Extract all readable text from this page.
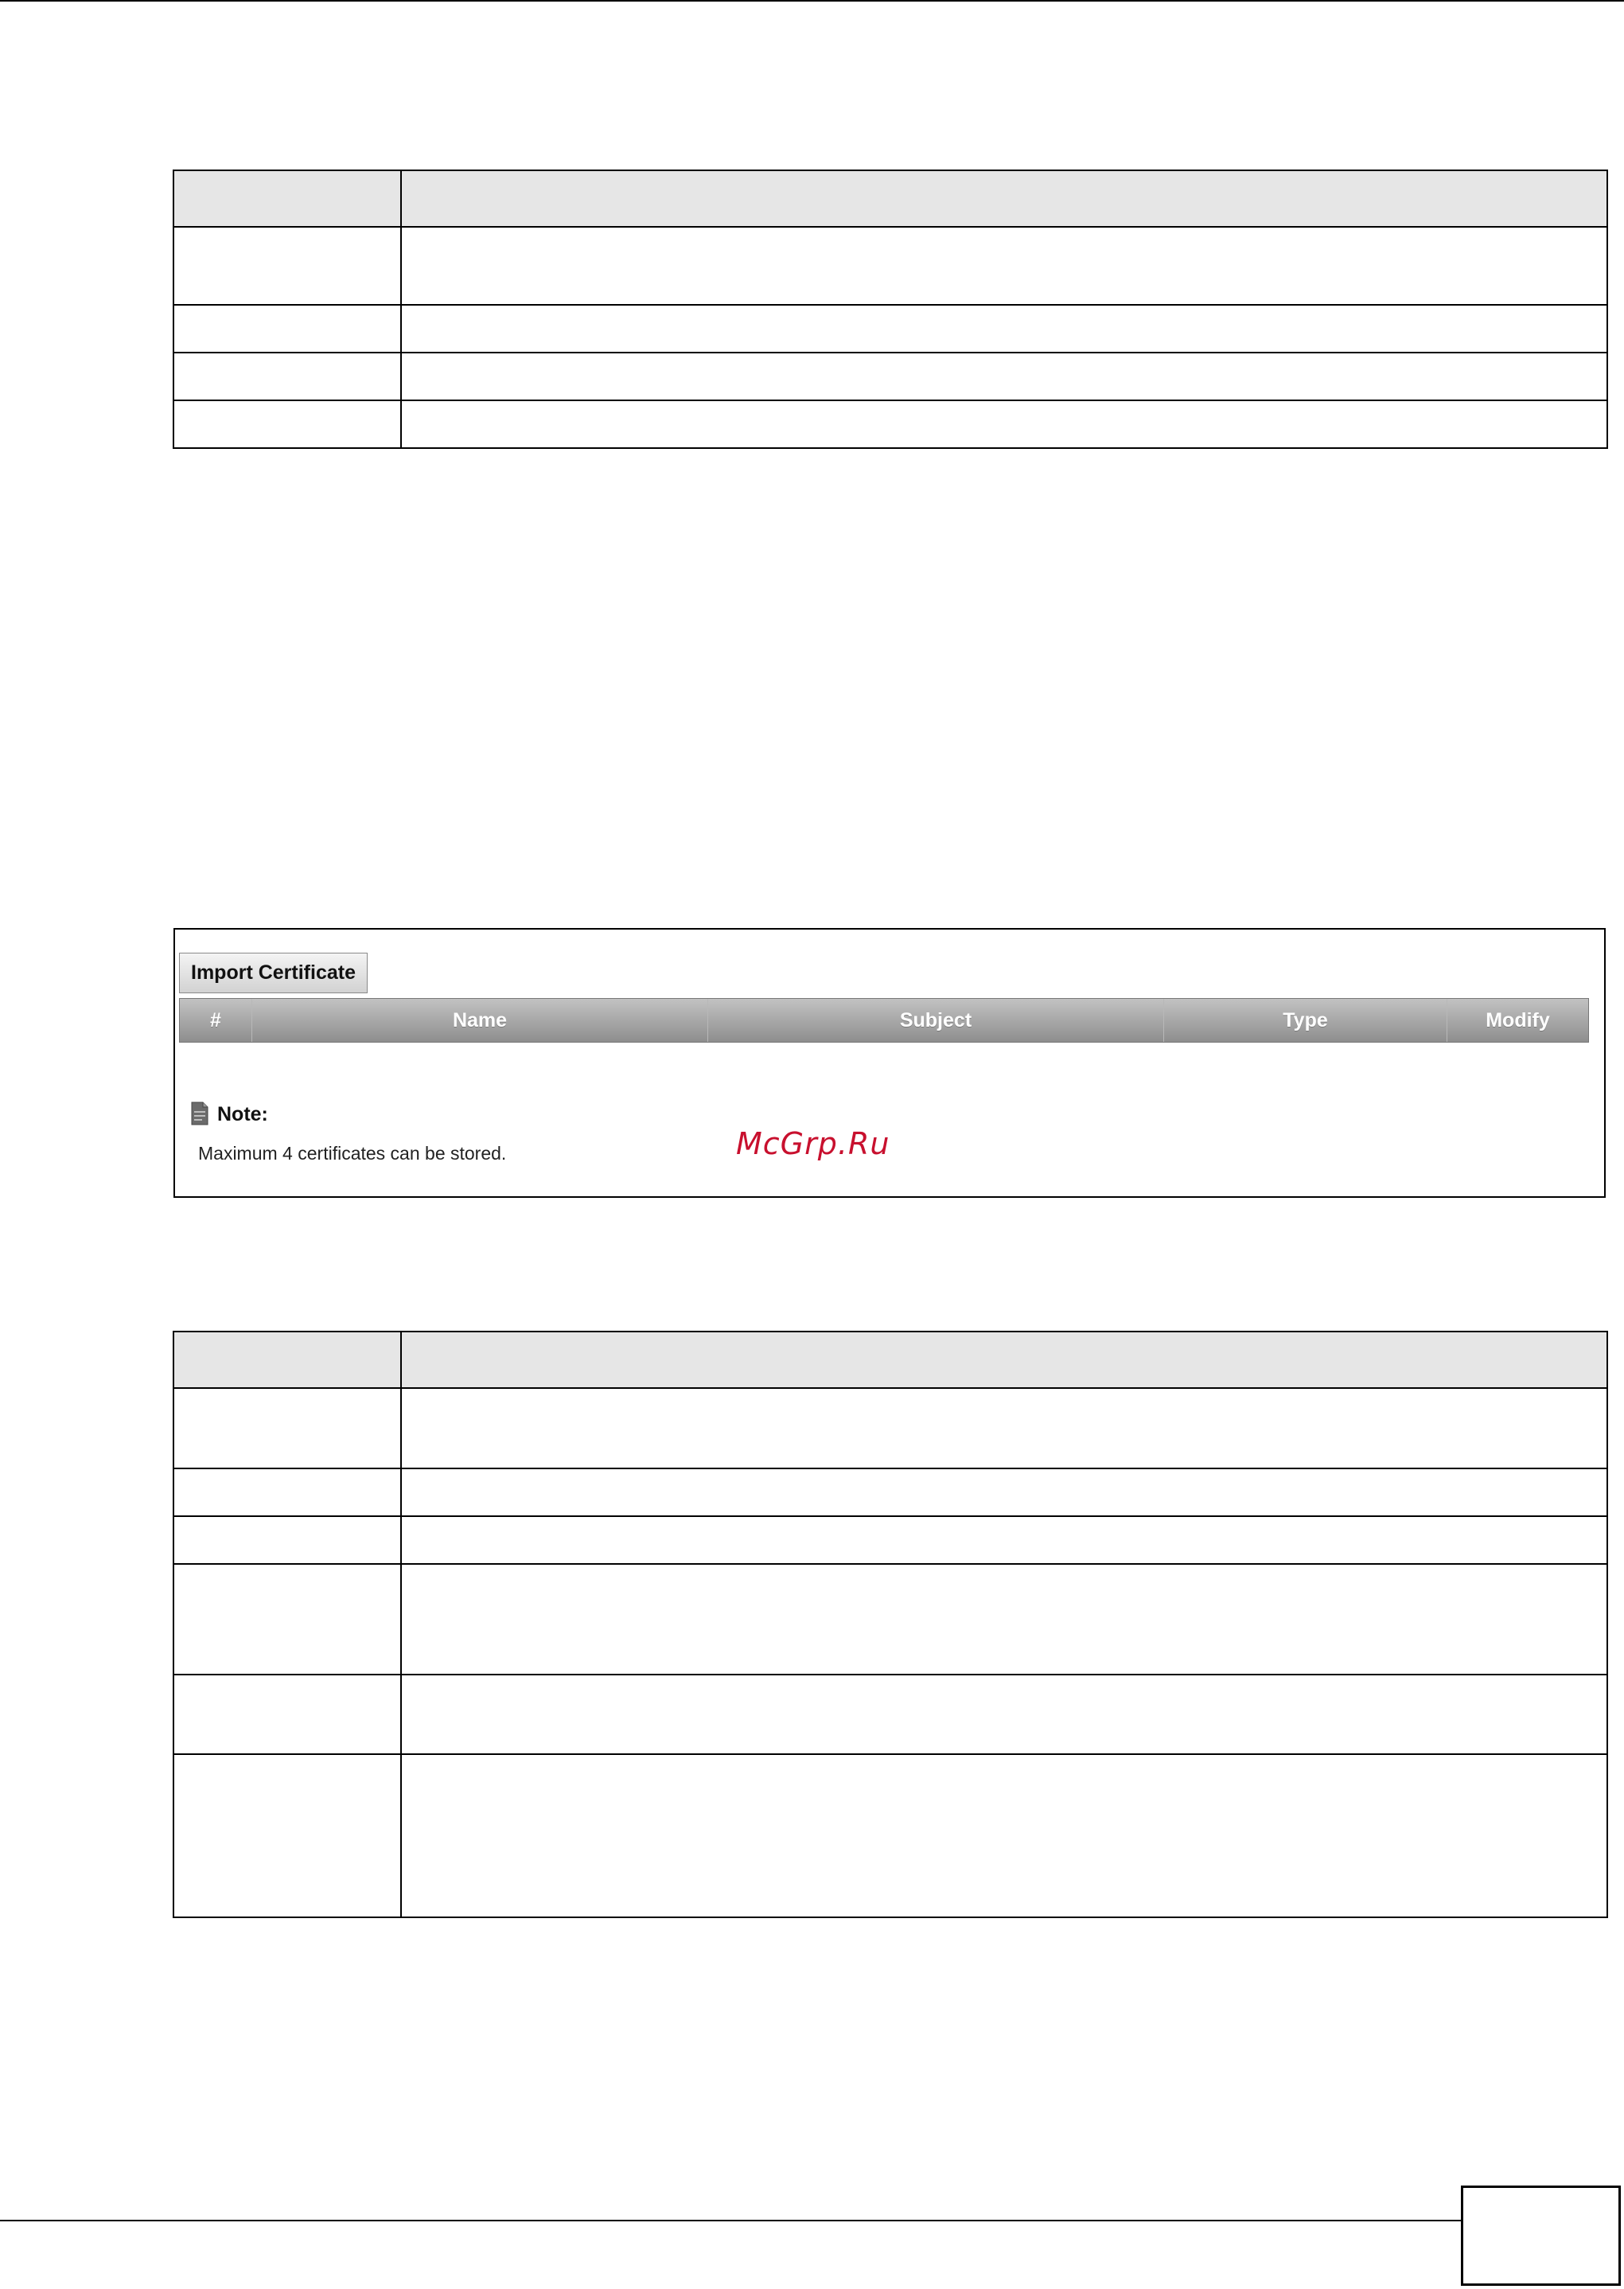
Import Certificate
#	Name	Subject	Type	Modify
Note:
Maximum 4 certificates can be stored.	McGrp.Ru
